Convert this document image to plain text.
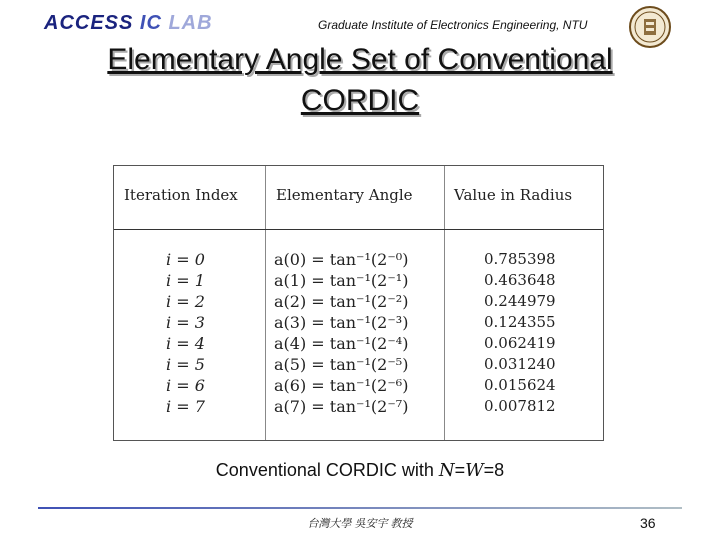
ACCESS IC LAB	Graduate Institute of Electronics Engineering, NTU
Elementary Angle Set of Conventional
CORDIC
Iteration Index	Elementary Angle	Value in Radius
i = 0	a(0) = tan⁻¹(2⁻⁰)	0.785398
i = 1	a(1) = tan⁻¹(2⁻¹)	0.463648
i = 2	a(2) = tan⁻¹(2⁻²)	0.244979
i = 3	a(3) = tan⁻¹(2⁻³)	0.124355
i = 4	a(4) = tan⁻¹(2⁻⁴)	0.062419
i = 5	a(5) = tan⁻¹(2⁻⁵)	0.031240
i = 6	a(6) = tan⁻¹(2⁻⁶)	0.015624
i = 7	a(7) = tan⁻¹(2⁻⁷)	0.007812
Conventional CORDIC with N=W=8
台灣大學 吳安宇 教授	36
